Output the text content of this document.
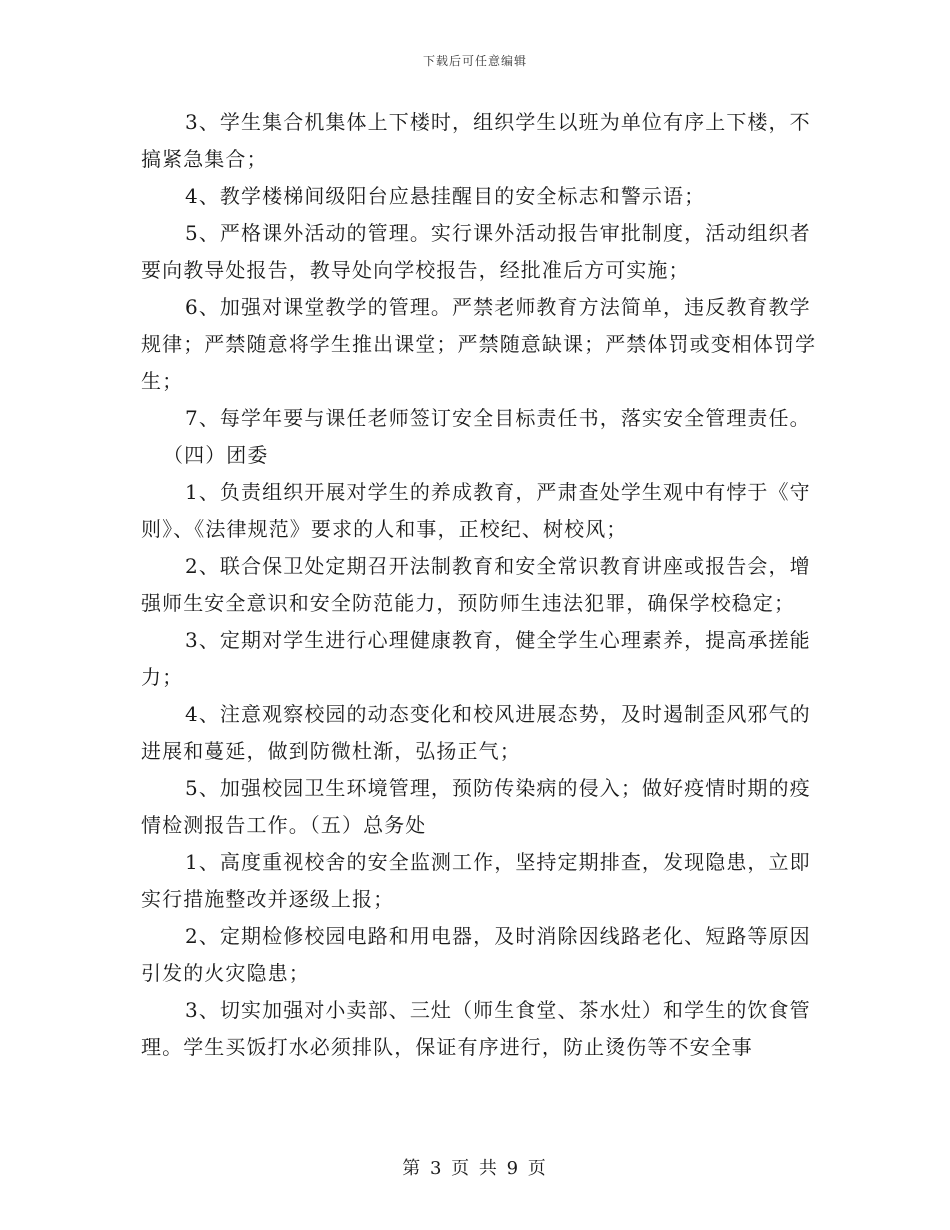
下载后可任意编辑

3、学生集合机集体上下楼时，组织学生以班为单位有序上下楼，不搞紧急集合；

4、教学楼梯间级阳台应悬挂醒目的安全标志和警示语；

5、严格课外活动的管理。实行课外活动报告审批制度，活动组织者要向教导处报告，教导处向学校报告，经批准后方可实施；

6、加强对课堂教学的管理。严禁老师教育方法简单，违反教育教学规律；严禁随意将学生推出课堂；严禁随意缺课；严禁体罚或变相体罚学生；

7、每学年要与课任老师签订安全目标责任书，落实安全管理责任。

（四）团委

1、负责组织开展对学生的养成教育，严肃查处学生观中有悖于《守则》、《法律规范》要求的人和事，正校纪、树校风；

2、联合保卫处定期召开法制教育和安全常识教育讲座或报告会，增强师生安全意识和安全防范能力，预防师生违法犯罪，确保学校稳定；

3、定期对学生进行心理健康教育，健全学生心理素养，提高承搓能力；

4、注意观察校园的动态变化和校风进展态势，及时遏制歪风邪气的进展和蔓延，做到防微杜渐，弘扬正气；

5、加强校园卫生环境管理，预防传染病的侵入；做好疫情时期的疫情检测报告工作。（五）总务处

1、高度重视校舍的安全监测工作，坚持定期排查，发现隐患，立即实行措施整改并逐级上报；

2、定期检修校园电路和用电器，及时消除因线路老化、短路等原因引发的火灾隐患；

3、切实加强对小卖部、三灶（师生食堂、茶水灶）和学生的饮食管理。学生买饭打水必须排队，保证有序进行，防止烫伤等不安全事

第 3 页 共 9 页
